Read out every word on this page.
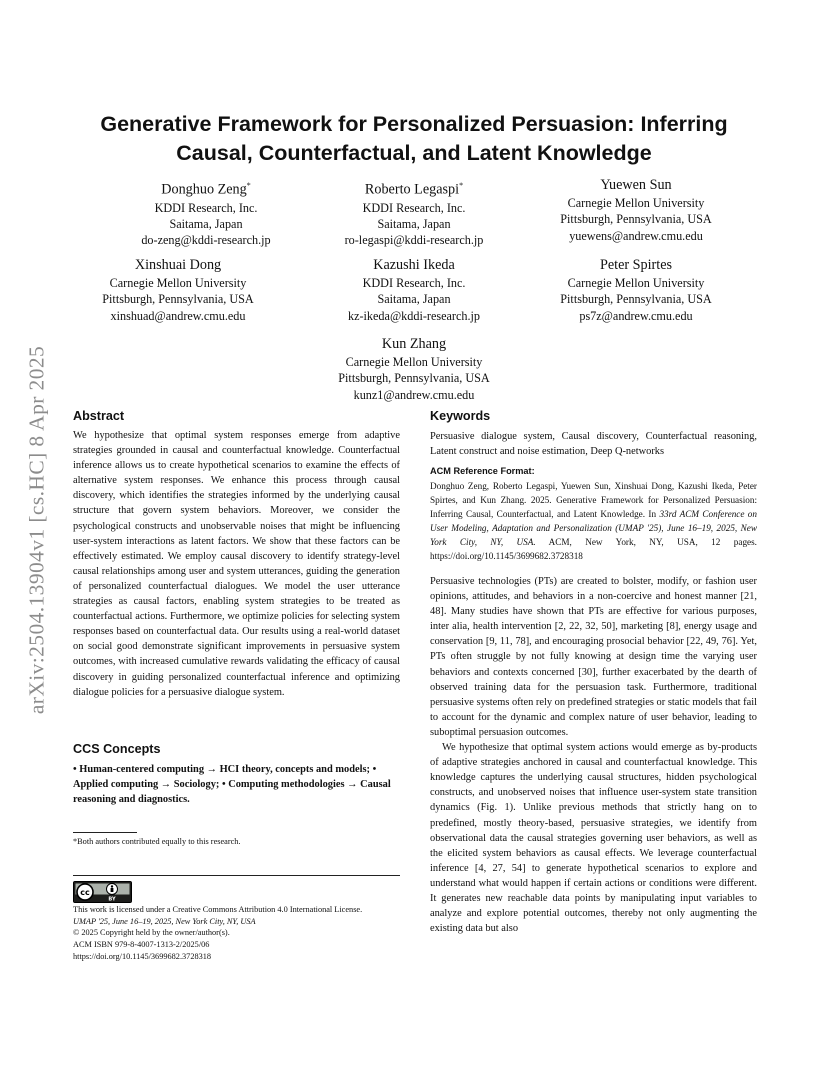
arXiv:2504.13904v1 [cs.HC] 8 Apr 2025
Generative Framework for Personalized Persuasion: Inferring Causal, Counterfactual, and Latent Knowledge
Donghuo Zeng*
KDDI Research, Inc.
Saitama, Japan
do-zeng@kddi-research.jp
Roberto Legaspi*
KDDI Research, Inc.
Saitama, Japan
ro-legaspi@kddi-research.jp
Yuewen Sun
Carnegie Mellon University
Pittsburgh, Pennsylvania, USA
yuewens@andrew.cmu.edu
Xinshuai Dong
Carnegie Mellon University
Pittsburgh, Pennsylvania, USA
xinshuad@andrew.cmu.edu
Kazushi Ikeda
KDDI Research, Inc.
Saitama, Japan
kz-ikeda@kddi-research.jp
Peter Spirtes
Carnegie Mellon University
Pittsburgh, Pennsylvania, USA
ps7z@andrew.cmu.edu
Kun Zhang
Carnegie Mellon University
Pittsburgh, Pennsylvania, USA
kunz1@andrew.cmu.edu
Abstract

We hypothesize that optimal system responses emerge from adaptive strategies grounded in causal and counterfactual knowledge. Counterfactual inference allows us to create hypothetical scenarios to examine the effects of alternative system responses. We enhance this process through causal discovery, which identifies the strategies informed by the underlying causal structure that govern system behaviors. Moreover, we consider the psychological constructs and unobservable noises that might be influencing user-system interactions as latent factors. We show that these factors can be effectively estimated. We employ causal discovery to identify strategy-level causal relationships among user and system utterances, guiding the generation of personalized counterfactual dialogues. We model the user utterance strategies as causal factors, enabling system strategies to be treated as counterfactual actions. Furthermore, we optimize policies for selecting system responses based on counterfactual data. Our results using a real-world dataset on social good demonstrate significant improvements in persuasive system outcomes, with increased cumulative rewards validating the efficacy of causal discovery in guiding personalized counterfactual inference and optimizing dialogue policies for a persuasive dialogue system.

CCS Concepts

• Human-centered computing → HCI theory, concepts and models; • Applied computing → Sociology; • Computing methodologies → Causal reasoning and diagnostics.

*Both authors contributed equally to this research.
cc
BY

This work is licensed under a Creative Commons Attribution 4.0 International License.

UMAP '25, June 16–19, 2025, New York City, NY, USA

© 2025 Copyright held by the owner/author(s).

ACM ISBN 979-8-4007-1313-2/2025/06

https://doi.org/10.1145/3699682.3728318

Keywords

Persuasive dialogue system, Causal discovery, Counterfactual reasoning, Latent construct and noise estimation, Deep Q-networks

ACM Reference Format:

Donghuo Zeng, Roberto Legaspi, Yuewen Sun, Xinshuai Dong, Kazushi Ikeda, Peter Spirtes, and Kun Zhang. 2025. Generative Framework for Personalized Persuasion: Inferring Causal, Counterfactual, and Latent Knowledge. In 33rd ACM Conference on User Modeling, Adaptation and Personalization (UMAP '25), June 16–19, 2025, New York City, NY, USA. ACM, New York, NY, USA, 12 pages. https://doi.org/10.1145/3699682.3728318

Persuasive technologies (PTs) are created to bolster, modify, or fashion user opinions, attitudes, and behaviors in a non-coercive and honest manner [21, 48]. Many studies have shown that PTs are effective for various purposes, inter alia, health intervention [2, 22, 32, 50], marketing [8], energy usage and conservation [9, 11, 78], and encouraging prosocial behavior [22, 49, 76]. Yet, PTs often struggle by not fully knowing at design time the varying user behaviors and contexts concerned [30], further exacerbated by the dearth of observed training data for the persuasion task. Furthermore, traditional persuasive systems often rely on predefined strategies or static models that fail to account for the dynamic and complex nature of user behavior, leading to suboptimal persuasion outcomes.

We hypothesize that optimal system actions would emerge as by-products of adaptive strategies anchored in causal and counterfactual knowledge. This knowledge captures the underlying causal structures, hidden psychological constructs, and unobserved noises that influence user-system state transition dynamics (Fig. 1). Unlike previous methods that strictly hang on to predefined, mostly theory-based, persuasive strategies, we identify from observational data the causal strategies governing user behaviors, as well as the elicited system behaviors as causal effects. We leverage counterfactual inference [4, 27, 54] to generate hypothetical scenarios to explore and understand what would happen if certain actions or conditions were different. It generates new reachable data points by manipulating input variables to analyze and explore potential outcomes, thereby not only augmenting the existing data but also
